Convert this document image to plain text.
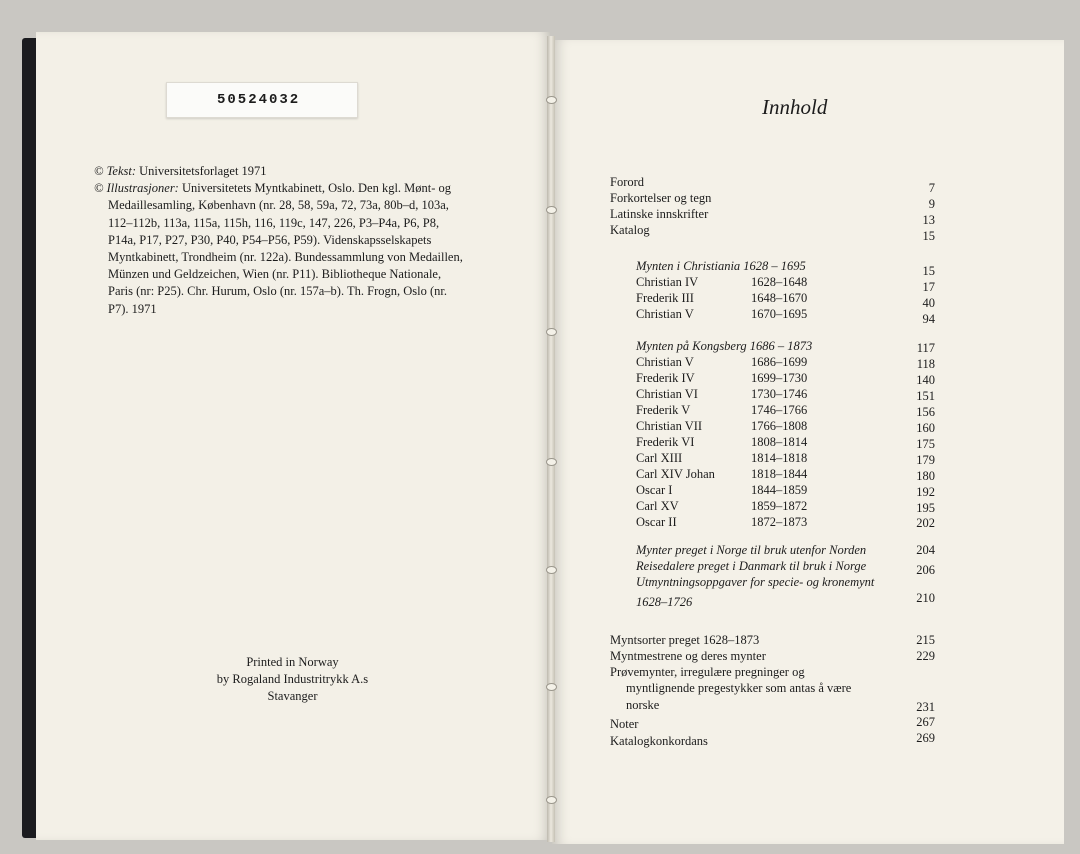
50524032

© Tekst: Universitetsforlaget 1971

© Illustrasjoner: Universitetets Myntkabinett, Oslo. Den kgl. Mønt- og

Medaillesamling, København (nr. 28, 58, 59a, 72, 73a, 80b–d, 103a,

112–112b, 113a, 115a, 115h, 116, 119c, 147, 226, P3–P4a, P6, P8,

P14a, P17, P27, P30, P40, P54–P56, P59). Videnskapsselskapets

Myntkabinett, Trondheim (nr. 122a). Bundessammlung von Medaillen,

Münzen und Geldzeichen, Wien (nr. P11). Bibliotheque Nationale,

Paris (nr: P25). Chr. Hurum, Oslo (nr. 157a–b). Th. Frogn, Oslo (nr.

P7). 1971

Printed in Norway
by Rogaland Industritrykk A.s
Stavanger
Innhold
Forord	7
Forkortelser og tegn	9
Latinske innskrifter	13
Katalog	15
Mynten i Christiania 1628 – 1695	15
Christian IV	1628–1648	17
Frederik III	1648–1670	40
Christian V	1670–1695	94
Mynten på Kongsberg 1686 – 1873	117
Christian V	1686–1699	118
Frederik IV	1699–1730	140
Christian VI	1730–1746	151
Frederik V	1746–1766	156
Christian VII	1766–1808	160
Frederik VI	1808–1814	175
Carl XIII	1814–1818	179
Carl XIV Johan	1818–1844	180
Oscar I	1844–1859	192
Carl XV	1859–1872	195
Oscar II	1872–1873	202
Mynter preget i Norge til bruk utenfor Norden	204
Reisedalere preget i Danmark til bruk i Norge	206
Utmyntningsoppgaver for specie- og kronemynt
1628–1726	210
Myntsorter preget 1628–1873	215
Myntmestrene og deres mynter	229
Prøvemynter, irregulære pregninger og
myntlignende pregestykker som antas å være
norske	231
Noter	267
Katalogkonkordans	269
